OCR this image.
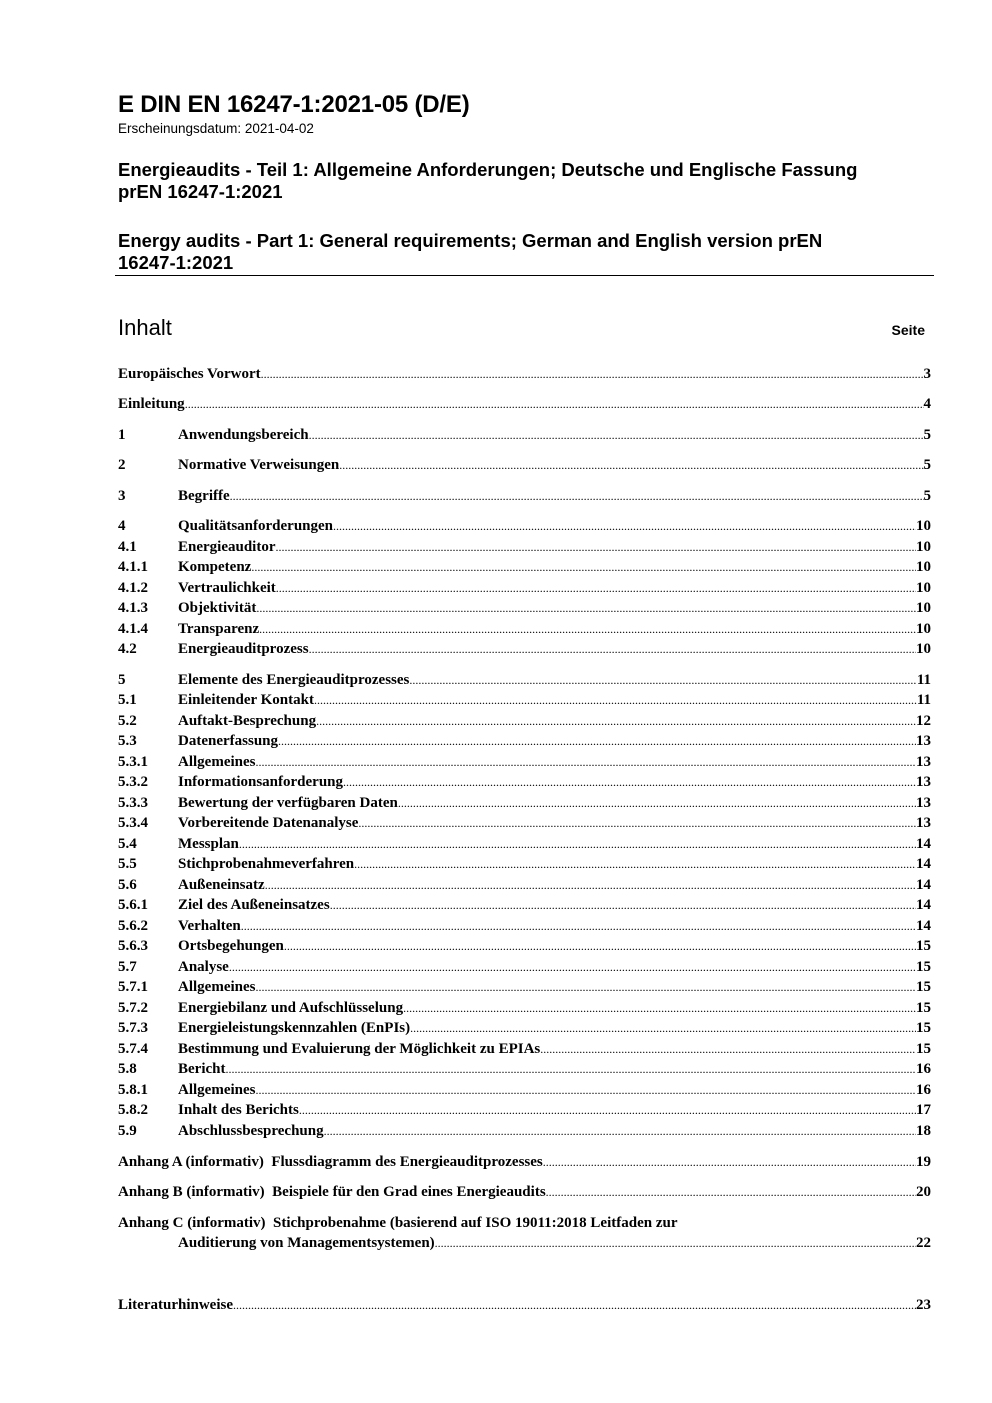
E DIN EN 16247-1:2021-05 (D/E)
Erscheinungsdatum: 2021-04-02
Energieaudits - Teil 1: Allgemeine Anforderungen; Deutsche und Englische Fassung
prEN 16247-1:2021
Energy audits - Part 1: General requirements; German and English version prEN
16247-1:2021
Inhalt	Seite
Europäisches Vorwort .....	3
Einleitung .....	4
1	Anwendungsbereich .....	5
2	Normative Verweisungen .....	5
3	Begriffe .....	5
4	Qualitätsanforderungen .....	10
4.1	Energieauditor .....	10
4.1.1	Kompetenz .....	10
4.1.2	Vertraulichkeit .....	10
4.1.3	Objektivität .....	10
4.1.4	Transparenz .....	10
4.2	Energieauditprozess .....	10
5	Elemente des Energieauditprozesses .....	11
5.1	Einleitender Kontakt .....	11
5.2	Auftakt-Besprechung .....	12
5.3	Datenerfassung .....	13
5.3.1	Allgemeines .....	13
5.3.2	Informationsanforderung .....	13
5.3.3	Bewertung der verfügbaren Daten .....	13
5.3.4	Vorbereitende Datenanalyse .....	13
5.4	Messplan .....	14
5.5	Stichprobenahmeverfahren .....	14
5.6	Außeneinsatz .....	14
5.6.1	Ziel des Außeneinsatzes .....	14
5.6.2	Verhalten .....	14
5.6.3	Ortsbegehungen .....	15
5.7	Analyse .....	15
5.7.1	Allgemeines .....	15
5.7.2	Energiebilanz und Aufschlüsselung .....	15
5.7.3	Energieleistungskennzahlen (EnPIs) .....	15
5.7.4	Bestimmung und Evaluierung der Möglichkeit zu EPIAs .....	15
5.8	Bericht .....	16
5.8.1	Allgemeines .....	16
5.8.2	Inhalt des Berichts .....	17
5.9	Abschlussbesprechung .....	18
Anhang A (informativ)  Flussdiagramm des Energieauditprozesses .....	19
Anhang B (informativ)  Beispiele für den Grad eines Energieaudits .....	20
Anhang C (informativ)  Stichprobenahme (basierend auf ISO 19011:2018 Leitfaden zur
Auditierung von Managementsystemen) .....	22
Literaturhinweise .....	23
